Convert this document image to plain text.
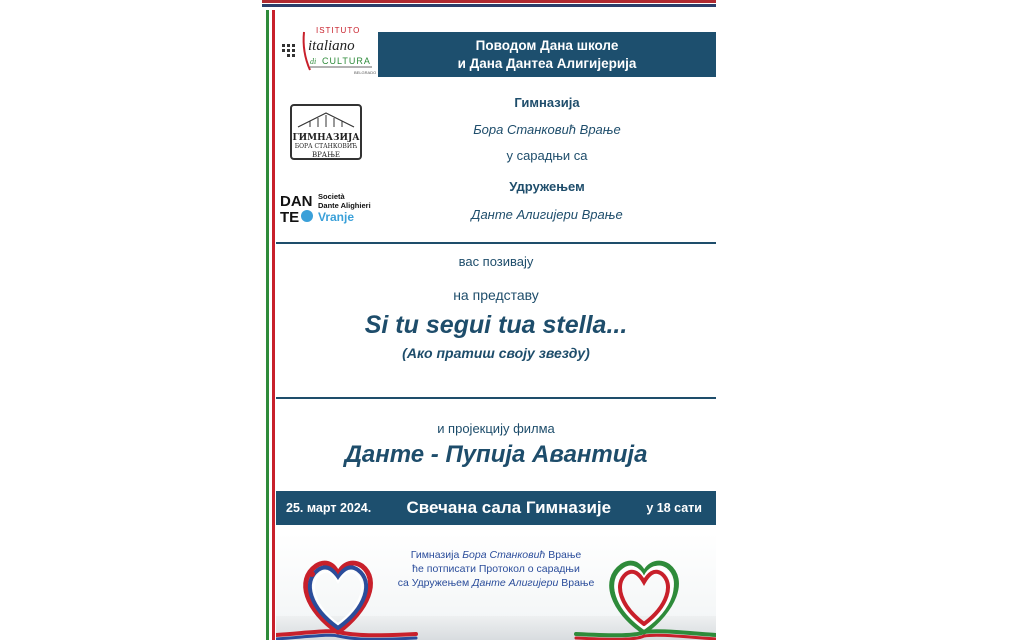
ISTITUTO
italiano
di CULTURA
BELGRADO
Поводом Дана школе
и Дана Дантеа Алигијерија
ГИМНАЗИЈА
БОРА СТАНКОВИЋ
ВРАЊЕ
DAN
TE
Società
Dante Alighieri
Vranje
Гимназија
Бора Станковић Врање
у сарадњи са
Удружењем
Данте Алигијери Врање
вас позивају
на представу
Si tu segui tua stella...
(Ако пратиш своју звезду)
и пројекцију филма
Данте - Пупија Авантија
25. март 2024. Свечана сала Гимназије	у 18 сати
Гимназија Бора Станковић Врање
ће потписати Протокол о сарадњи
са Удружењем Данте Алигијери Врање
